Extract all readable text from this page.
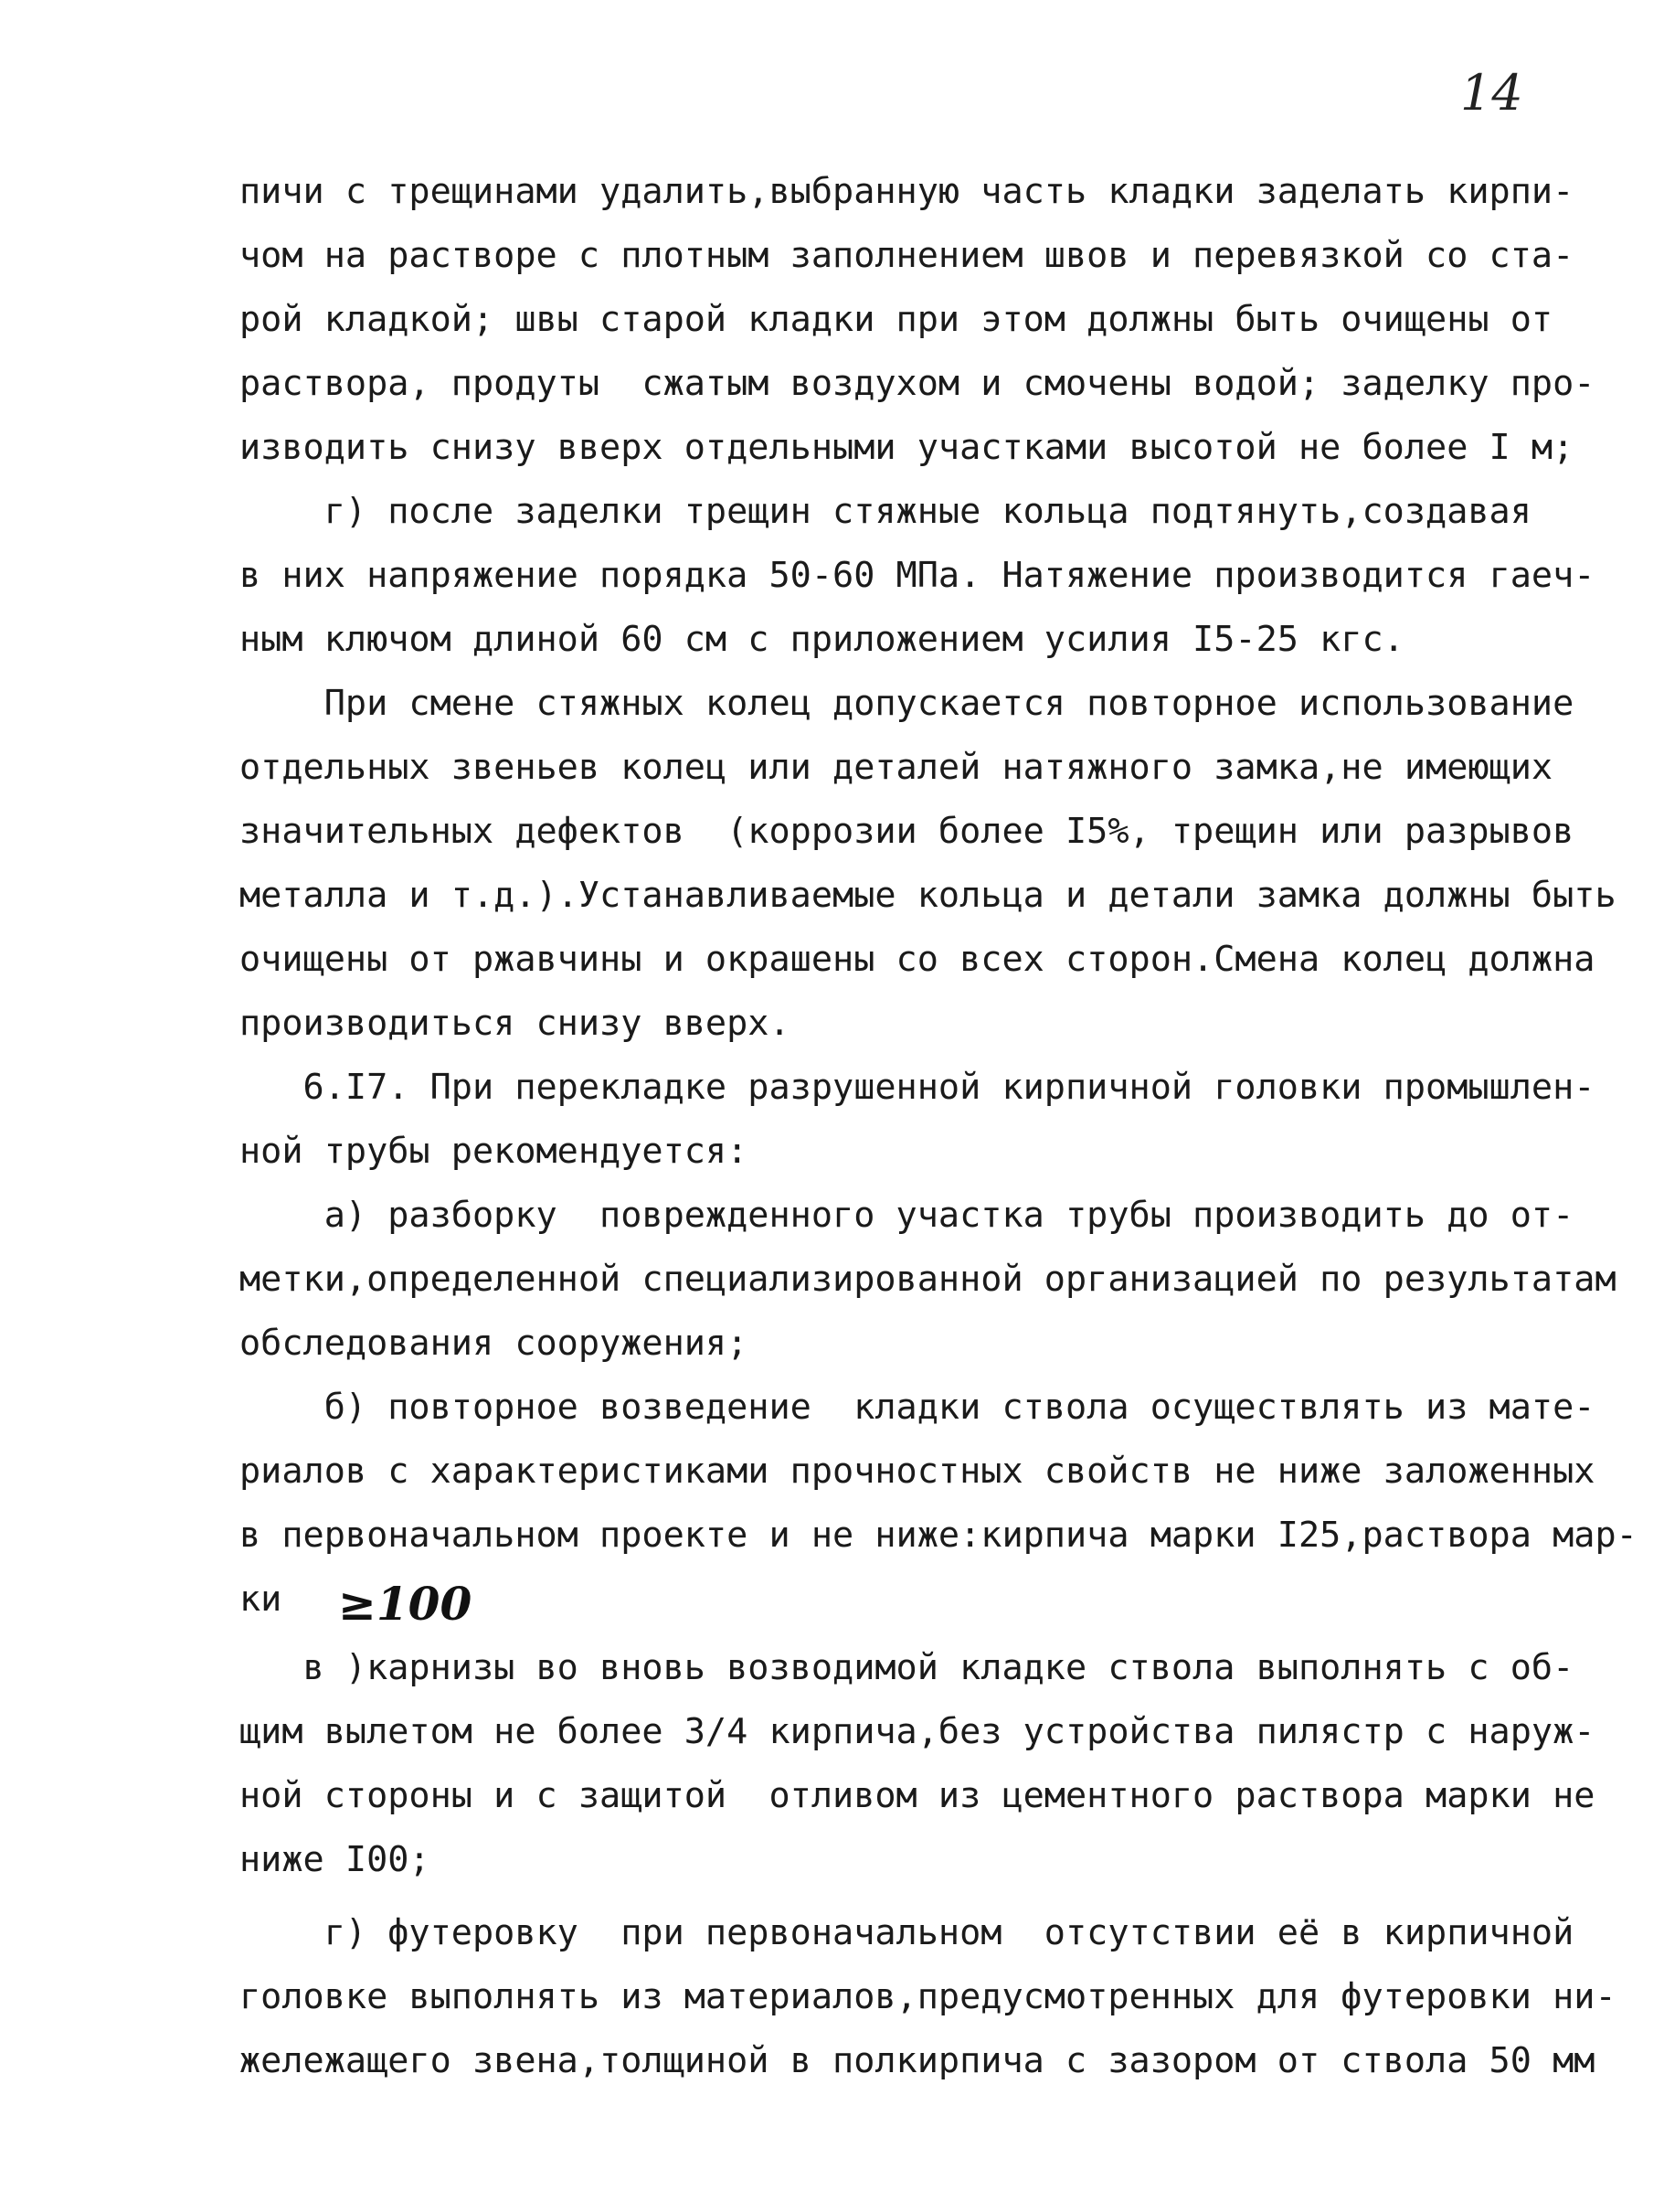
14
пичи с трещинами удалить,выбранную часть кладки заделать кирпи-
чом на растворе с плотным заполнением швов и перевязкой со ста-
рой кладкой; швы старой кладки при этом должны быть очищены от
раствора, продуты  сжатым воздухом и смочены водой; заделку про-
изводить снизу вверх отдельными участками высотой не более I м;
г) после заделки трещин стяжные кольца подтянуть,создавая
в них напряжение порядка 50-60 МПа. Натяжение производится гаеч-
ным ключом длиной 60 см с приложением усилия I5-25 кгс.
При смене стяжных колец допускается повторное использование
отдельных звеньев колец или деталей натяжного замка,не имеющих
значительных дефектов  (коррозии более I5%, трещин или разрывов
металла и т.д.).Устанавливаемые кольца и детали замка должны быть
очищены от ржавчины и окрашены со всех сторон.Смена колец должна
производиться снизу вверх.
6.I7. При перекладке разрушенной кирпичной головки промышлен-
ной трубы рекомендуется:
а) разборку  поврежденного участка трубы производить до от-
метки,определенной специализированной организацией по результатам
обследования сооружения;
б) повторное возведение  кладки ствола осуществлять из мате-
риалов с характеристиками прочностных свойств не ниже заложенных
в первоначальном проекте и не ниже:кирпича марки I25,раствора мар-
ки ≥100
в )карнизы во вновь возводимой кладке ствола выполнять с об-
щим вылетом не более 3/4 кирпича,без устройства пилястр с наруж-
ной стороны и с защитой  отливом из цементного раствора марки не
ниже I00;
г) футеровку  при первоначальном  отсутствии её в кирпичной
головке выполнять из материалов,предусмотренных для футеровки ни-
жележащего звена,толщиной в полкирпича с зазором от ствола 50 мм
